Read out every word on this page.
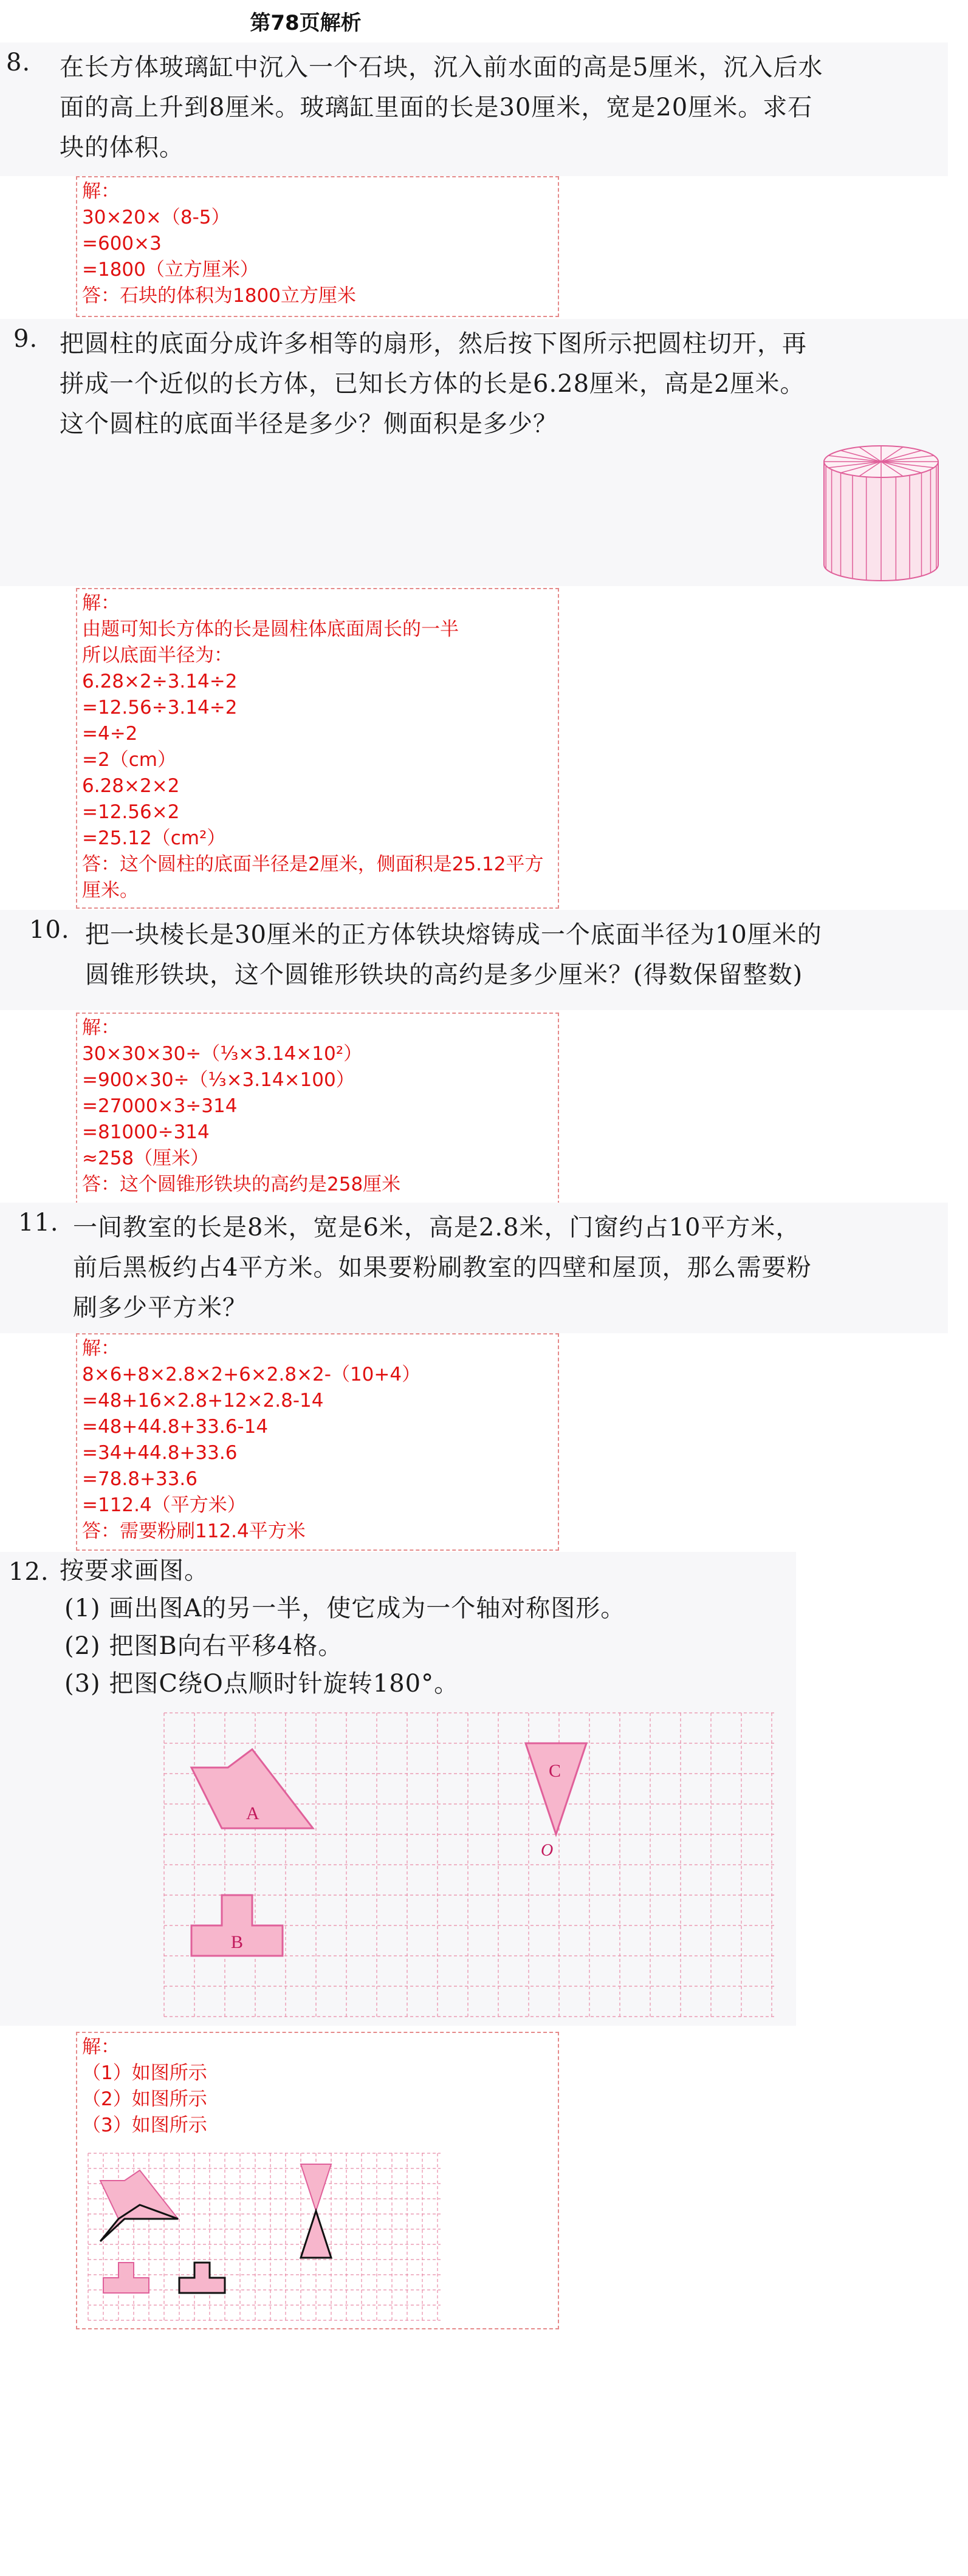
第78页解析
8. 在长方体玻璃缸中沉入一个石块，沉入前水面的高是5厘米，沉入后水
面的高上升到8厘米。玻璃缸里面的长是30厘米，宽是20厘米。求石
块的体积。
解：
30×20×（8-5）
=600×3
=1800（立方厘米）
答：石块的体积为1800立方厘米
9. 把圆柱的底面分成许多相等的扇形，然后按下图所示把圆柱切开，再
拼成一个近似的长方体，已知长方体的长是6.28厘米，高是2厘米。
这个圆柱的底面半径是多少？侧面积是多少？
解：
由题可知长方体的长是圆柱体底面周长的一半
所以底面半径为：
6.28×2÷3.14÷2
=12.56÷3.14÷2
=4÷2
=2（cm）
6.28×2×2
=12.56×2
=25.12（cm²）
答：这个圆柱的底面半径是2厘米，侧面积是25.12平方厘米。
10. 把一块棱长是30厘米的正方体铁块熔铸成一个底面半径为10厘米的
圆锥形铁块，这个圆锥形铁块的高约是多少厘米？(得数保留整数)
解：
30×30×30÷（⅓×3.14×10²）
=900×30÷（⅓×3.14×100）
=27000×3÷314
=81000÷314
≈258（厘米）
答：这个圆锥形铁块的高约是258厘米
11. 一间教室的长是8米，宽是6米，高是2.8米，门窗约占10平方米，
前后黑板约占4平方米。如果要粉刷教室的四壁和屋顶，那么需要粉
刷多少平方米？
解：
8×6+8×2.8×2+6×2.8×2-（10+4）
=48+16×2.8+12×2.8-14
=48+44.8+33.6-14
=34+44.8+33.6
=78.8+33.6
=112.4（平方米）
答：需要粉刷112.4平方米
12. 按要求画图。
(1) 画出图A的另一半，使它成为一个轴对称图形。
(2) 把图B向右平移4格。
(3) 把图C绕O点顺时针旋转180°。
A
B
C
O
解：
（1）如图所示
（2）如图所示
（3）如图所示
